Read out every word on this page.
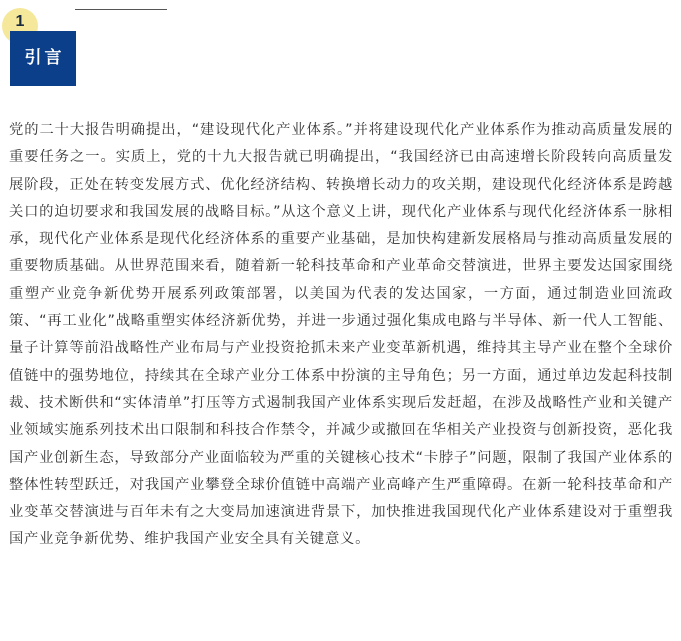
1
引言

党的二十大报告明确提出，“建设现代化产业体系。”并将建设现代化产业体系作为推动高质量发展的重要任务之一。实质上，党的十九大报告就已明确提出，“我国经济已由高速增长阶段转向高质量发展阶段，正处在转变发展方式、优化经济结构、转换增长动力的攻关期，建设现代化经济体系是跨越关口的迫切要求和我国发展的战略目标。”从这个意义上讲，现代化产业体系与现代化经济体系一脉相承，现代化产业体系是现代化经济体系的重要产业基础，是加快构建新发展格局与推动高质量发展的重要物质基础。从世界范围来看，随着新一轮科技革命和产业革命交替演进，世界主要发达国家围绕重塑产业竞争新优势开展系列政策部署，以美国为代表的发达国家，一方面，通过制造业回流政策、“再工业化”战略重塑实体经济新优势，并进一步通过强化集成电路与半导体、新一代人工智能、量子计算等前沿战略性产业布局与产业投资抢抓未来产业变革新机遇，维持其主导产业在整个全球价值链中的强势地位，持续其在全球产业分工体系中扮演的主导角色；另一方面，通过单边发起科技制裁、技术断供和“实体清单”打压等方式遏制我国产业体系实现后发赶超，在涉及战略性产业和关键产业领域实施系列技术出口限制和科技合作禁令，并减少或撤回在华相关产业投资与创新投资，恶化我国产业创新生态，导致部分产业面临较为严重的关键核心技术“卡脖子”问题，限制了我国产业体系的整体性转型跃迁，对我国产业攀登全球价值链中高端产业高峰产生严重障碍。在新一轮科技革命和产业变革交替演进与百年未有之大变局加速演进背景下，加快推进我国现代化产业体系建设对于重塑我国产业竞争新优势、维护我国产业安全具有关键意义。
